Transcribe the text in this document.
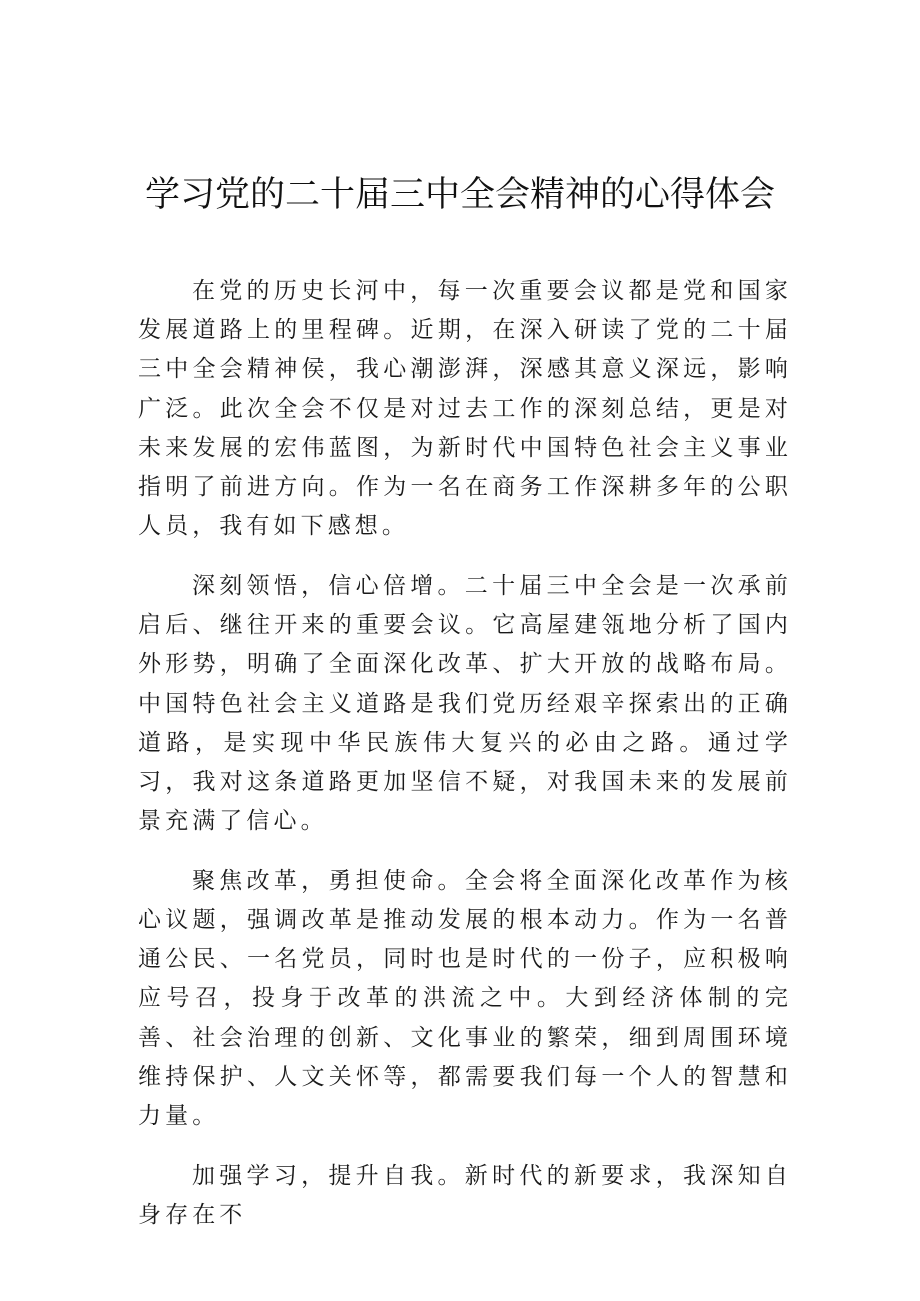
学习党的二十届三中全会精神的心得体会

在党的历史长河中，每一次重要会议都是党和国家发展道路上的里程碑。近期，在深入研读了党的二十届三中全会精神侯，我心潮澎湃，深感其意义深远，影响广泛。此次全会不仅是对过去工作的深刻总结，更是对未来发展的宏伟蓝图，为新时代中国特色社会主义事业指明了前进方向。作为一名在商务工作深耕多年的公职人员，我有如下感想。

深刻领悟，信心倍增。二十届三中全会是一次承前启后、继往开来的重要会议。它高屋建瓴地分析了国内外形势，明确了全面深化改革、扩大开放的战略布局。中国特色社会主义道路是我们党历经艰辛探索出的正确道路，是实现中华民族伟大复兴的必由之路。通过学习，我对这条道路更加坚信不疑，对我国未来的发展前景充满了信心。

聚焦改革，勇担使命。全会将全面深化改革作为核心议题，强调改革是推动发展的根本动力。作为一名普通公民、一名党员，同时也是时代的一份子，应积极响应号召，投身于改革的洪流之中。大到经济体制的完善、社会治理的创新、文化事业的繁荣，细到周围环境维持保护、人文关怀等，都需要我们每一个人的智慧和力量。

加强学习，提升自我。新时代的新要求，我深知自身存在不
